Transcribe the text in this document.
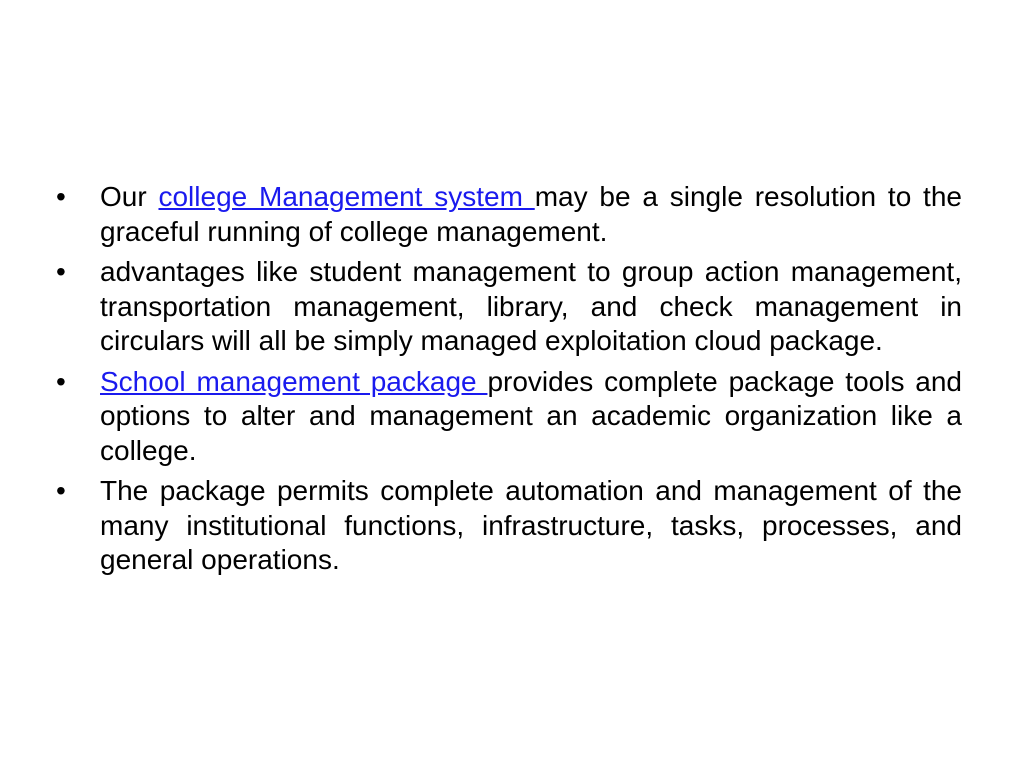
•	Our college Management system may be a single resolution to the graceful running of college management.
•	advantages like student management to group action management, transportation management, library, and check management in circulars will all be simply managed exploitation cloud package.
•	School management package provides complete package tools and options to alter and management an academic organization like a college.
•	The package permits complete automation and management of the many institutional functions, infrastructure, tasks, processes, and general operations.
